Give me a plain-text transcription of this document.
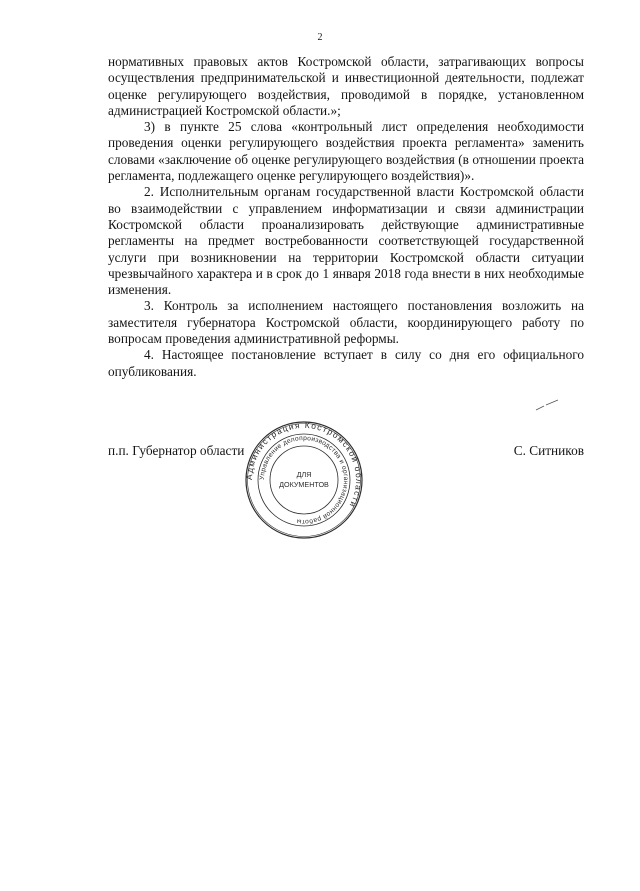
2

нормативных правовых актов Костромской области, затрагивающих вопросы осуществления предпринимательской и инвестиционной деятельности, подлежат оценке регулирующего воздействия, проводимой в порядке, установленном администрацией Костромской области.»;

3) в пункте 25 слова «контрольный лист определения необходимости проведения оценки регулирующего воздействия проекта регламента» заменить словами «заключение об оценке регулирующего воздействия (в отношении проекта регламента, подлежащего оценке регулирующего воздействия)».

2. Исполнительным органам государственной власти Костромской области во взаимодействии с управлением информатизации и связи администрации Костромской области проанализировать действующие административные регламенты на предмет востребованности соответствующей государственной услуги при возникновении на территории Костромской области ситуации чрезвычайного характера и в срок до 1 января 2018 года внести в них необходимые изменения.

3. Контроль за исполнением настоящего постановления возложить на заместителя губернатора Костромской области, координирующего работу по вопросам проведения административной реформы.

4. Настоящее постановление вступает в силу со дня его официального опубликования.

п.п. Губернатор области	С. Ситников
Администрация Костромской области
Управление делопроизводства и организационной работы
ДЛЯ
ДОКУМЕНТОВ
